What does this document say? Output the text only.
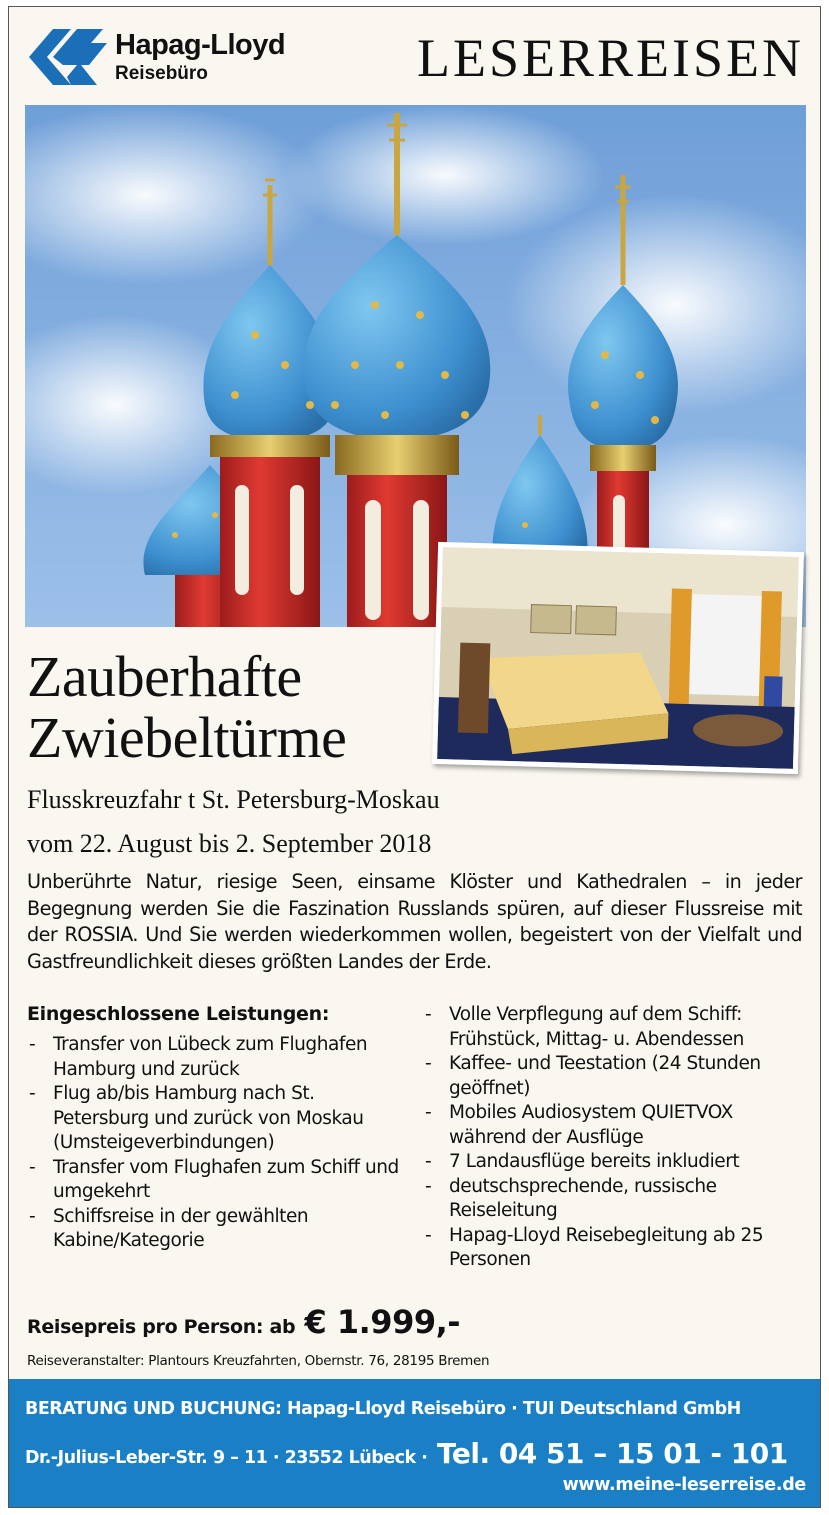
Hapag-Lloyd
Reisebüro	LESERREISEN
Zauberhafte
Zwiebeltürme
Flusskreuzfahr t St. Petersburg-Moskau
vom 22. August bis 2. September 2018
Unberührte Natur, riesige Seen, einsame Klöster und Kathedralen – in jeder Begegnung werden Sie die Faszination Russlands spüren, auf dieser Flussreise mit der ROSSIA. Und Sie werden wiederkommen wollen, begeistert von der Vielfalt und Gastfreundlichkeit dieses größten Landes der Erde.
Eingeschlossene Leistungen:
- Transfer von Lübeck zum Flughafen Hamburg und zurück
- Flug ab/bis Hamburg nach St. Petersburg und zurück von Moskau (Umsteigeverbindungen)
- Transfer vom Flughafen zum Schiff und umgekehrt
- Schiffsreise in der gewählten Kabine/Kategorie
- Volle Verpflegung auf dem Schiff: Frühstück, Mittag- u. Abendessen
- Kaffee- und Teestation (24 Stunden geöffnet)
- Mobiles Audiosystem QUIETVOX während der Ausflüge
- 7 Landausflüge bereits inkludiert
- deutschsprechende, russische Reiseleitung
- Hapag-Lloyd Reisebegleitung ab 25 Personen
Reisepreis pro Person: ab € 1.999,-
Reiseveranstalter: Plantours Kreuzfahrten, Obernstr. 76, 28195 Bremen
BERATUNG UND BUCHUNG: Hapag-Lloyd Reisebüro · TUI Deutschland GmbH
Dr.-Julius-Leber-Str. 9 – 11 · 23552 Lübeck · Tel. 04 51 – 15 01 - 101
www.meine-leserreise.de
